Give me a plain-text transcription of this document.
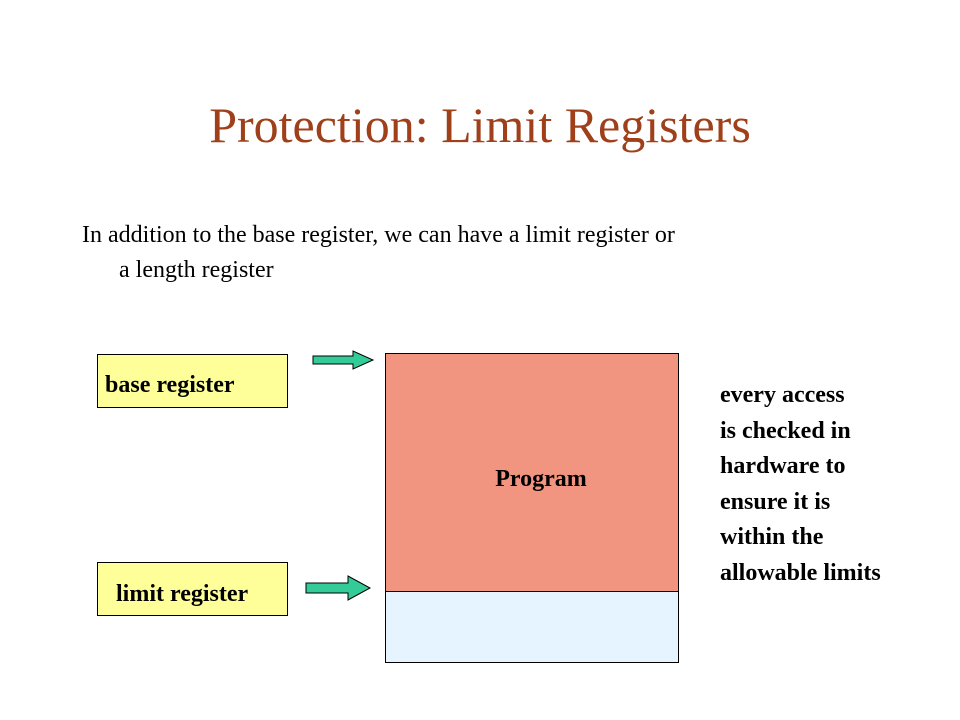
Protection: Limit Registers
In addition to the base register, we can have a limit register or
a length register
base register
limit register
Program
every access
is checked in
hardware to
ensure it is
within the
allowable limits
